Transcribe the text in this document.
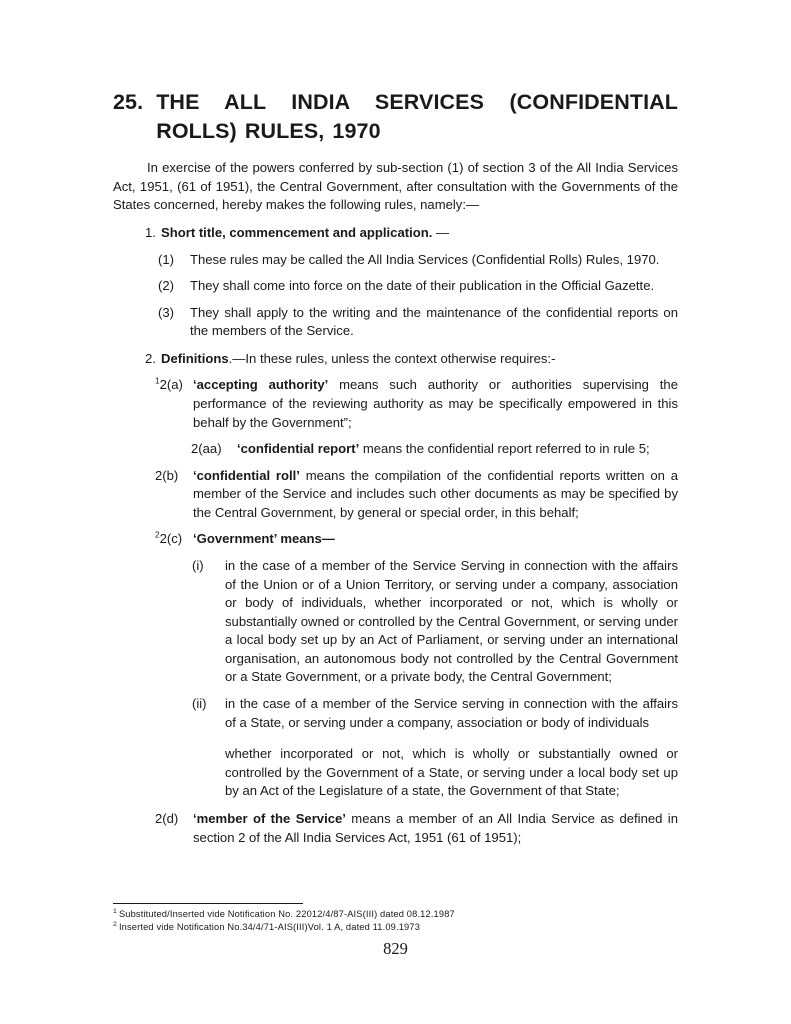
25. THE ALL INDIA SERVICES (CONFIDENTIAL ROLLS) RULES, 1970

In exercise of the powers conferred by sub-section (1) of section 3 of the All India Services Act, 1951, (61 of 1951), the Central Government, after consultation with the Governments of the States concerned, hereby makes the following rules, namely:—

1. Short title, commencement and application. —
(1)	These rules may be called the All India Services (Confidential Rolls) Rules, 1970.
(2)	They shall come into force on the date of their publication in the Official Gazette.
(3)	They shall apply to the writing and the maintenance of the confidential reports on the members of the Service.
2. Definitions.—In these rules, unless the context otherwise requires:-
$^1$2(a) ‘accepting authority’ means such authority or authorities supervising the performance of the reviewing authority as may be specifically empowered in this behalf by the Government”;
2(aa)	‘confidential report’ means the confidential report referred to in rule 5;
2(b)	‘confidential roll’ means the compilation of the confidential reports written on a member of the Service and includes such other documents as may be specified by the Central Government, by general or special order, in this behalf;
$^2$2(c) ‘Government’ means—
(i)	in the case of a member of the Service Serving in connection with the affairs of the Union or of a Union Territory, or serving under a company, association or body of individuals, whether incorporated or not, which is wholly or substantially owned or controlled by the Central Government, or serving under a local body set up by an Act of Parliament, or serving under an international organisation, an autonomous body not controlled by the Central Government or a State Government, or a private body, the Central Government;
(ii)	in the case of a member of the Service serving in connection with the affairs of a State, or serving under a company, association or body of individuals

whether incorporated or not, which is wholly or substantially owned or controlled by the Government of a State, or serving under a local body set up by an Act of the Legislature of a state, the Government of that State;

2(d)	‘member of the Service’ means a member of an All India Service as defined in section 2 of the All India Services Act, 1951 (61 of 1951);
$^1$ Substituted/Inserted vide Notification No. 22012/4/87-AIS(III) dated 08.12.1987
$^2$ Inserted vide Notification No.34/4/71-AIS(III)Vol. 1 A, dated 11.09.1973
829
